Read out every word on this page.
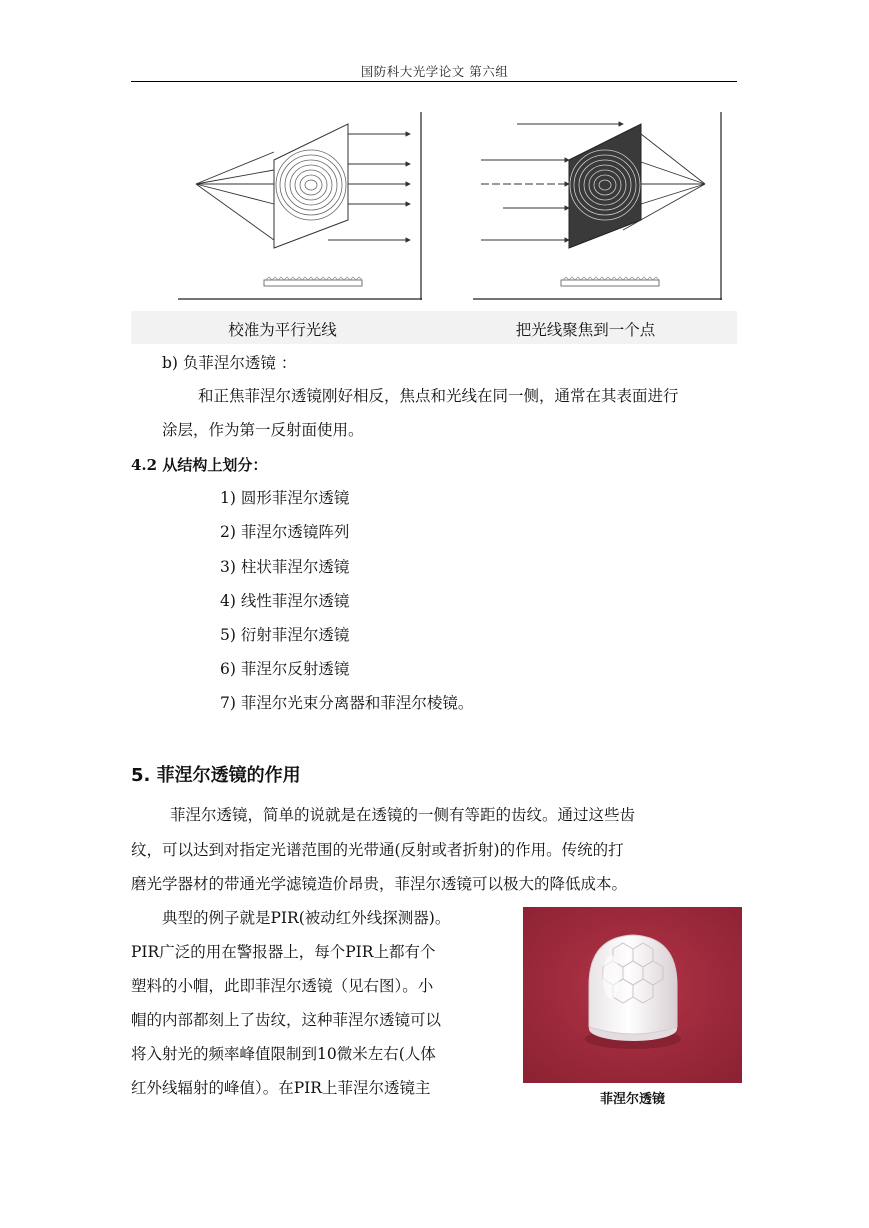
国防科大光学论文 第六组
校准为平行光线	把光线聚焦到一个点
b) 负菲涅尔透镜 ：
和正焦菲涅尔透镜刚好相反，焦点和光线在同一侧，通常在其表面进行
涂层，作为第一反射面使用。
4.2 从结构上划分：
1) 圆形菲涅尔透镜
2) 菲涅尔透镜阵列
3) 柱状菲涅尔透镜
4) 线性菲涅尔透镜
5) 衍射菲涅尔透镜
6) 菲涅尔反射透镜
7) 菲涅尔光束分离器和菲涅尔棱镜。
5. 菲涅尔透镜的作用
菲涅尔透镜，简单的说就是在透镜的一侧有等距的齿纹。通过这些齿
纹，可以达到对指定光谱范围的光带通(反射或者折射)的作用。传统的打
磨光学器材的带通光学滤镜造价昂贵，菲涅尔透镜可以极大的降低成本。
典型的例子就是PIR(被动红外线探测器)。
PIR广泛的用在警报器上，每个PIR上都有个
塑料的小帽，此即菲涅尔透镜（见右图）。小
帽的内部都刻上了齿纹，这种菲涅尔透镜可以
将入射光的频率峰值限制到10微米左右(人体
红外线辐射的峰值）。在PIR上菲涅尔透镜主
菲涅尔透镜
